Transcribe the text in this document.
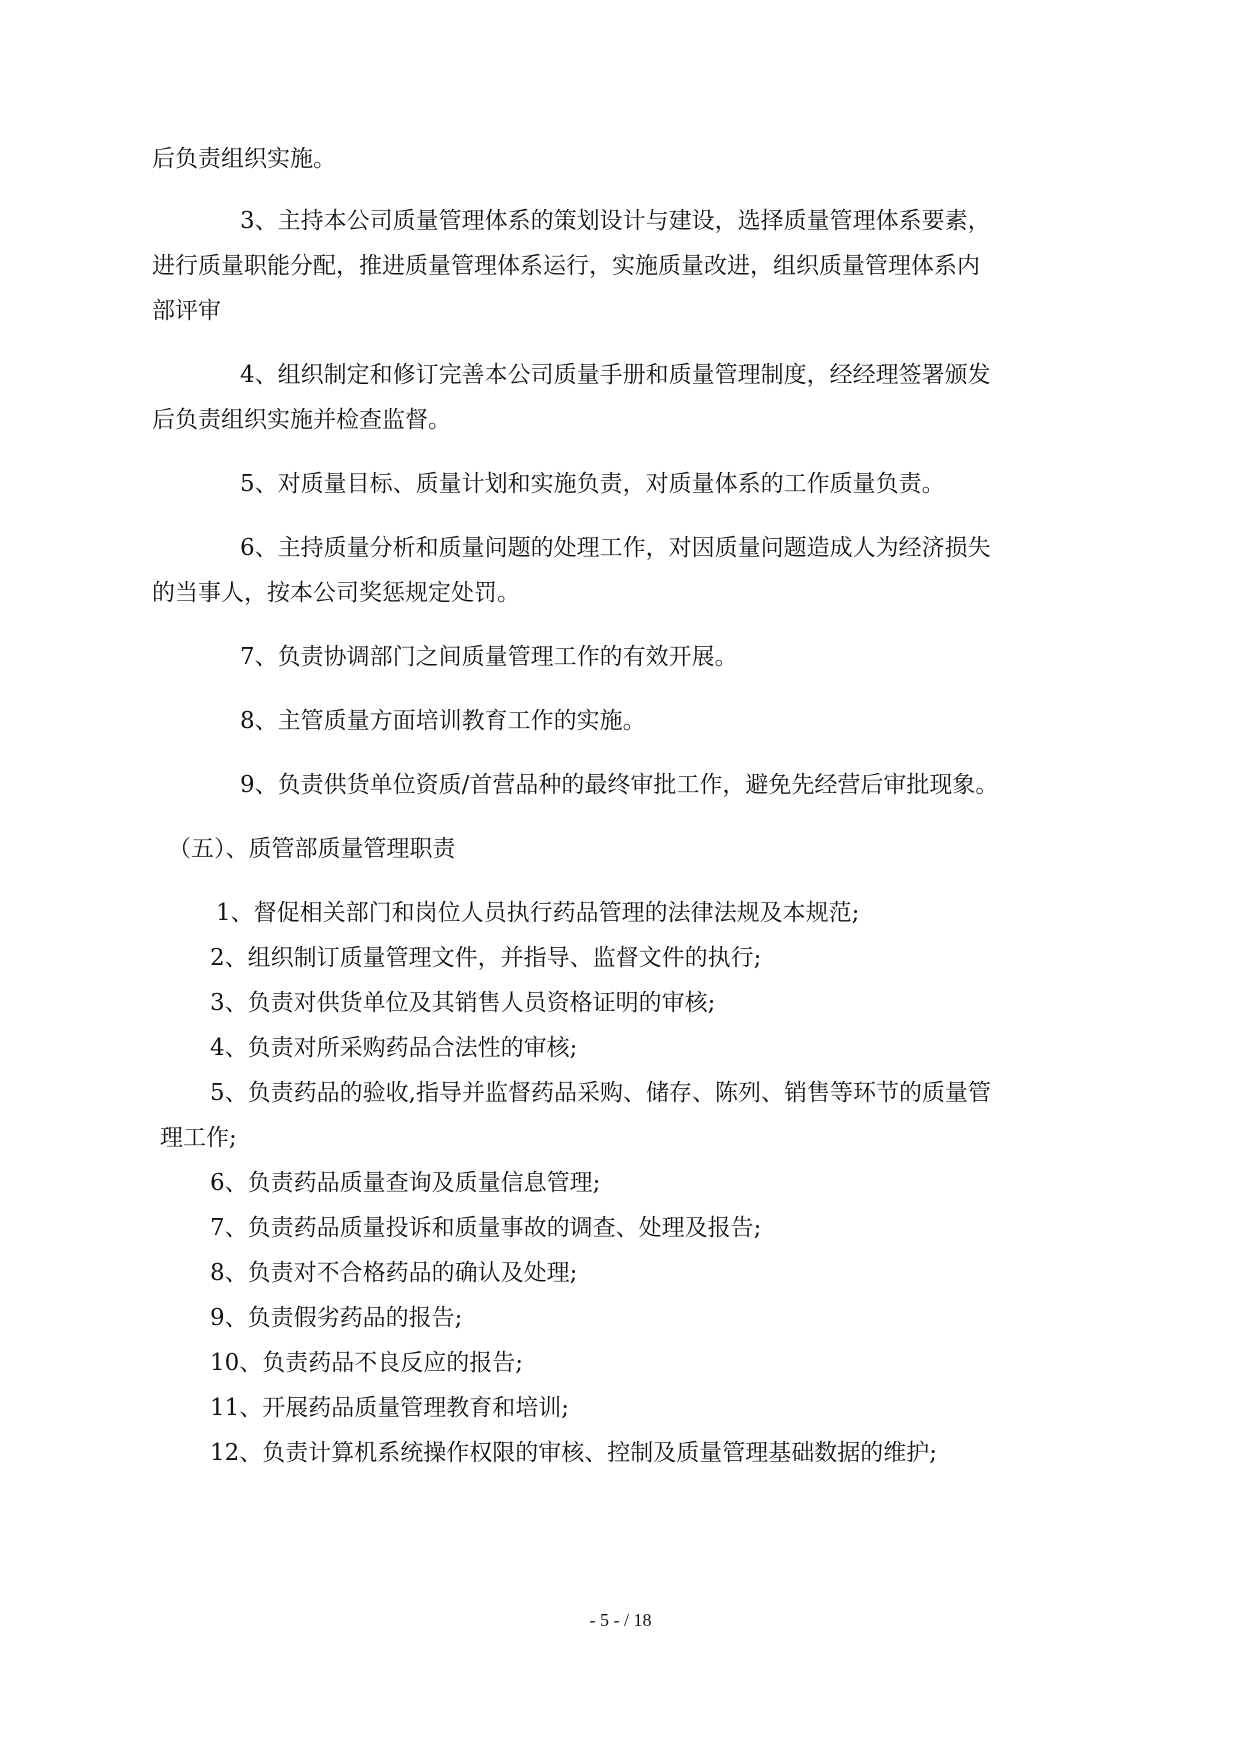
后负责组织实施。
3、主持本公司质量管理体系的策划设计与建设，选择质量管理体系要素，
进行质量职能分配，推进质量管理体系运行，实施质量改进，组织质量管理体系内
部评审
4、组织制定和修订完善本公司质量手册和质量管理制度，经经理签署颁发
后负责组织实施并检查监督。
5、对质量目标、质量计划和实施负责，对质量体系的工作质量负责。
6、主持质量分析和质量问题的处理工作，对因质量问题造成人为经济损失
的当事人，按本公司奖惩规定处罚。
7、负责协调部门之间质量管理工作的有效开展。
8、主管质量方面培训教育工作的实施。
9、负责供货单位资质/首营品种的最终审批工作，避免先经营后审批现象。
（五）、质管部质量管理职责
1、督促相关部门和岗位人员执行药品管理的法律法规及本规范;
2、组织制订质量管理文件，并指导、监督文件的执行;
3、负责对供货单位及其销售人员资格证明的审核;
4、负责对所采购药品合法性的审核;
5、负责药品的验收,指导并监督药品采购、储存、陈列、销售等环节的质量管
理工作;
6、负责药品质量查询及质量信息管理;
7、负责药品质量投诉和质量事故的调查、处理及报告;
8、负责对不合格药品的确认及处理;
9、负责假劣药品的报告;
10、负责药品不良反应的报告;
11、开展药品质量管理教育和培训;
12、负责计算机系统操作权限的审核、控制及质量管理基础数据的维护;
- 5 - / 18
